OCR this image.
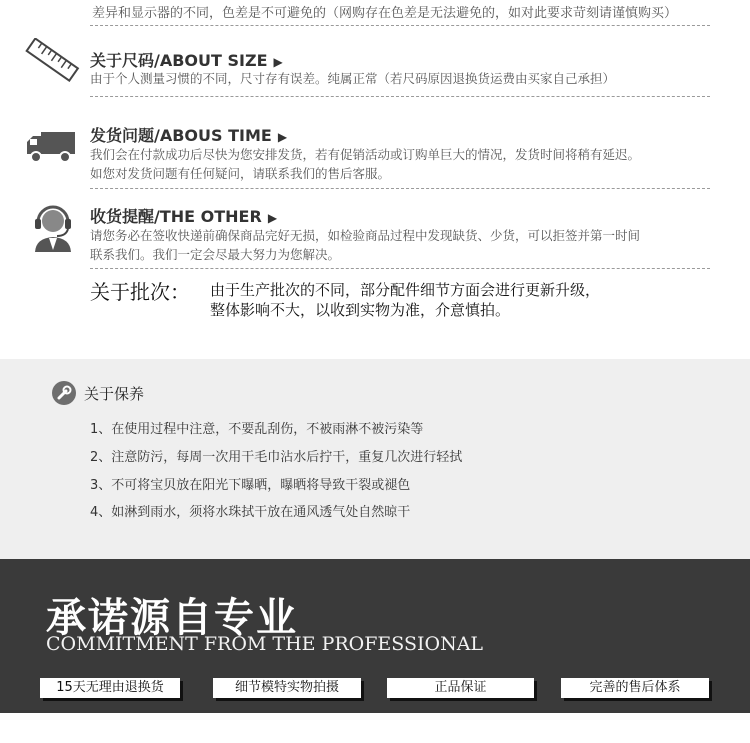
差异和显示器的不同，色差是不可避免的（网购存在色差是无法避免的，如对此要求苛刻请谨慎购买）
关于尺码/ABOUT SIZE ▶
由于个人测量习惯的不同，尺寸存有误差。纯属正常（若尺码原因退换货运费由买家自己承担）
发货问题/ABOUS TIME ▶
我们会在付款成功后尽快为您安排发货，若有促销活动或订购单巨大的情况，发货时间将稍有延迟。
如您对发货问题有任何疑问，请联系我们的售后客服。
收货提醒/THE OTHER ▶
请您务必在签收快递前确保商品完好无损，如检验商品过程中发现缺货、少货，可以拒签并第一时间
联系我们。我们一定会尽最大努力为您解决。
关于批次： 由于生产批次的不同，部分配件细节方面会进行更新升级，
整体影响不大，以收到实物为准，介意慎拍。
关于保养
1、在使用过程中注意，不要乱刮伤，不被雨淋不被污染等
2、注意防污，每周一次用干毛巾沾水后拧干，重复几次进行轻拭
3、不可将宝贝放在阳光下曝晒，曝晒将导致干裂或褪色
4、如淋到雨水，须将水珠拭干放在通风透气处自然晾干
承诺源自专业
COMMITMENT FROM THE PROFESSIONAL
15天无理由退换货	细节模特实物拍摄	正品保证	完善的售后体系
